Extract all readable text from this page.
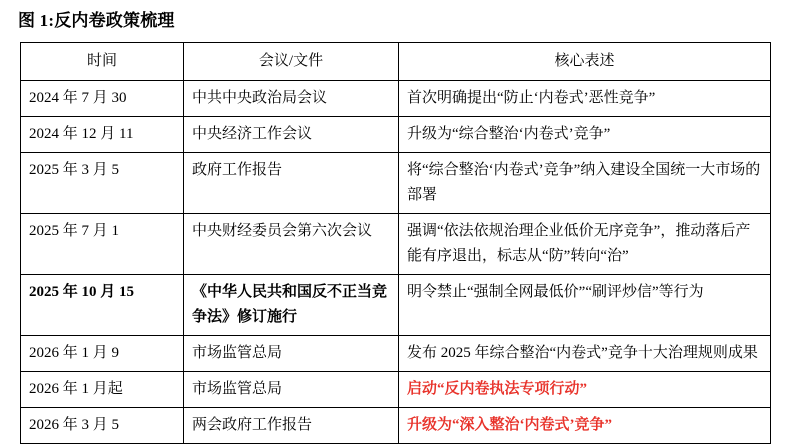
图 1:反内卷政策梳理
时间	会议/文件	核心表述

2024 年 7 月 30	中共中央政治局会议	首次明确提出“防止‘内卷式’恶性竞争”

2024 年 12 月 11	中央经济工作会议	升级为“综合整治‘内卷式’竞争”

2025 年 3 月 5	政府工作报告	将“综合整治‘内卷式’竞争”纳入建设全国统一大市场的部署

2025 年 7 月 1	中央财经委员会第六次会议	强调“依法依规治理企业低价无序竞争”，推动落后产能有序退出，标志从“防”转向“治”

2025 年 10 月 15	《中华人民共和国反不正当竞争法》修订施行	明令禁止“强制全网最低价”“刷评炒信”等行为

2026 年 1 月 9	市场监管总局	发布 2025 年综合整治“内卷式”竞争十大治理规则成果

2026 年 1 月起	市场监管总局	启动“反内卷执法专项行动”

2026 年 3 月 5	两会政府工作报告	升级为“深入整治‘内卷式’竞争”
